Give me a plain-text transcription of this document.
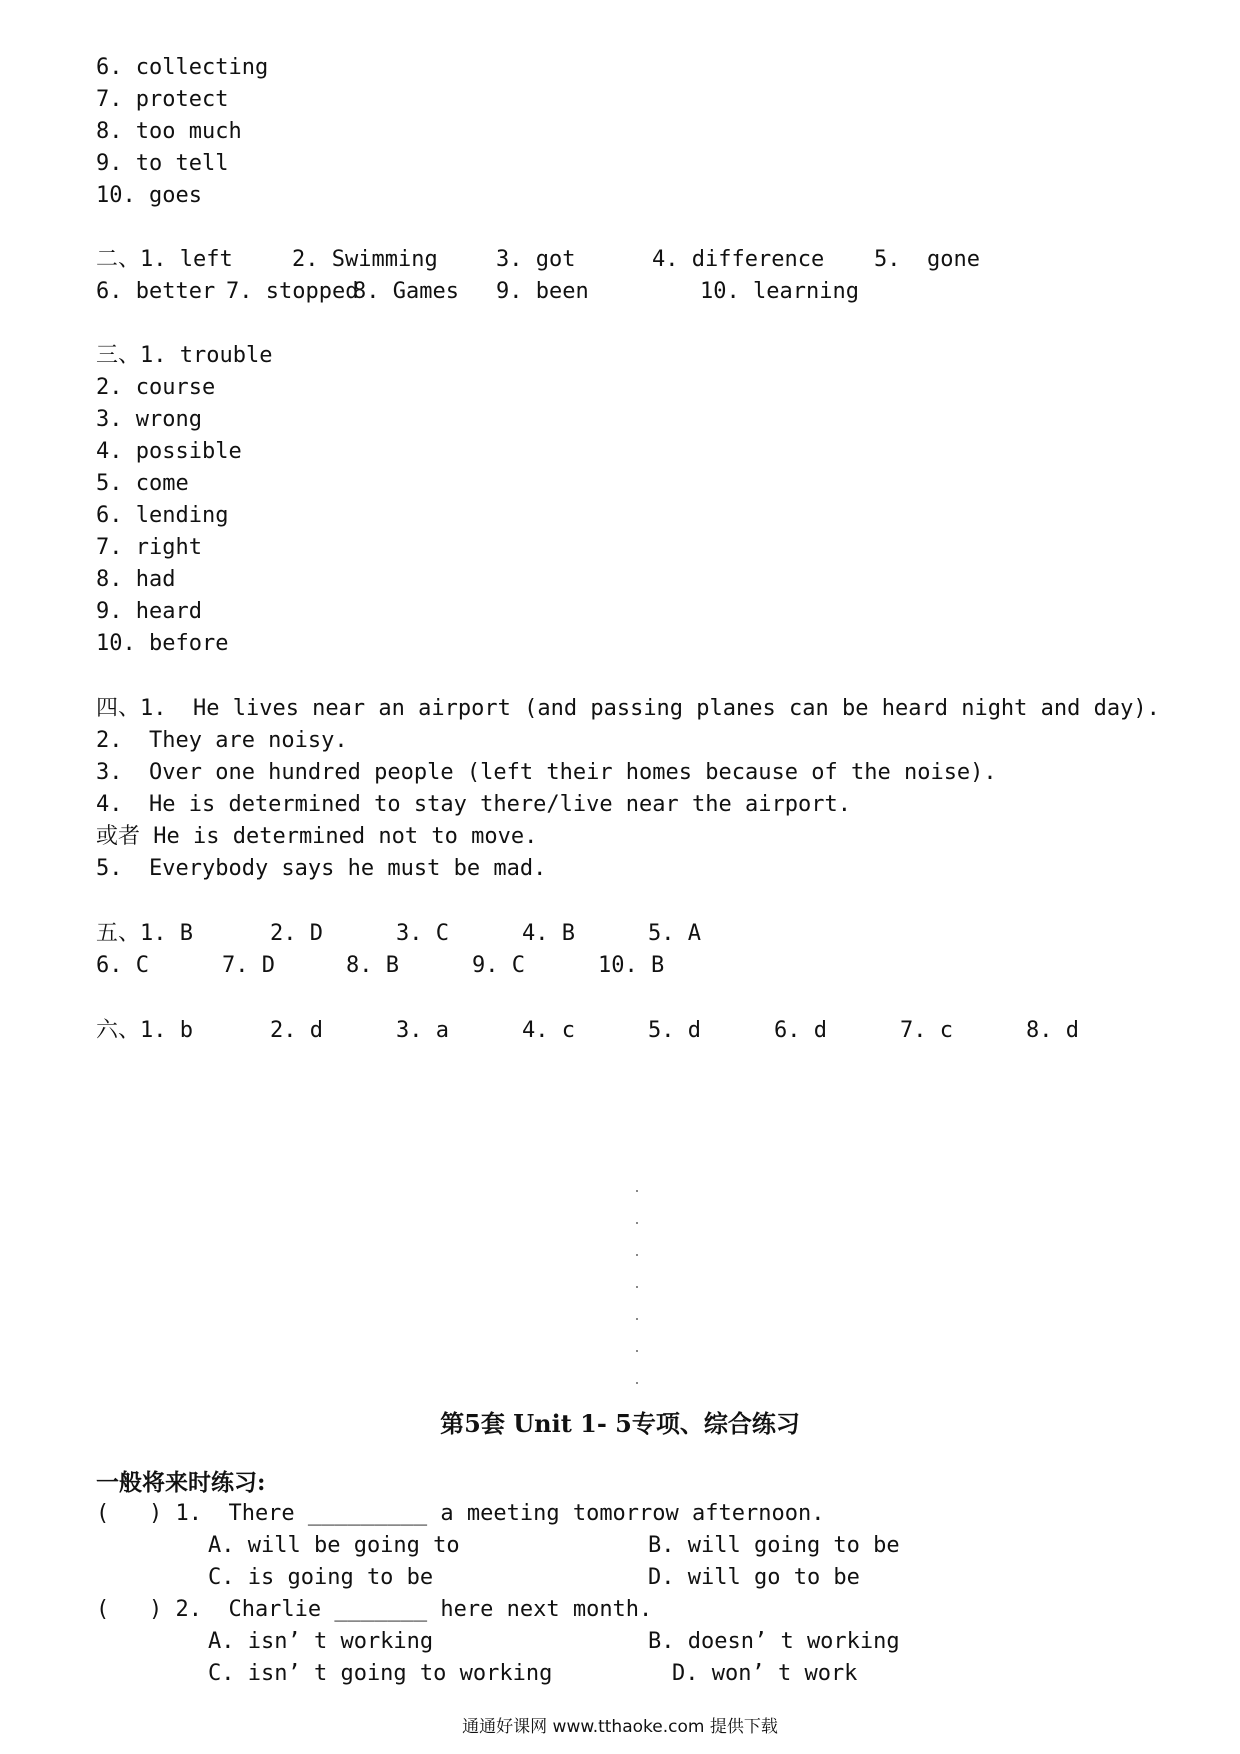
6. collecting
7. protect
8. too much
9. to tell
10. goes
二、1. left	2. Swimming	3. got	4. difference 5.  gone
6. better 7. stopped
8. Games 9. been	10. learning
三、1. trouble
2. course
3. wrong
4. possible
5. come
6. lending
7. right
8. had
9. heard
10. before
四、1.  He lives near an airport (and passing planes can be heard night and day).
2.  They are noisy.
3.  Over one hundred people (left their homes because of the noise).
4.  He is determined to stay there/live near the airport.
或者 He is determined not to move.
5.  Everybody says he must be mad.
五、1. B	2. D	3. C	4. B	5. A
6. C	7. D	8. B	9. C	10. B
六、1. b	2. d	3. a	4. c	5. d	6. d	7. c	8. d
第5套 Unit 1- 5专项、综合练习
一般将来时练习:
(   ) 1.  There _________ a meeting tomorrow afternoon.
A. will be going to	B. will going to be
C. is going to be	D. will go to be
(   ) 2.  Charlie _______ here next month.
A. isn’ t working	B. doesn’ t working
C. isn’ t going to working	D. won’ t work
通通好课网 www.tthaoke.com 提供下载
